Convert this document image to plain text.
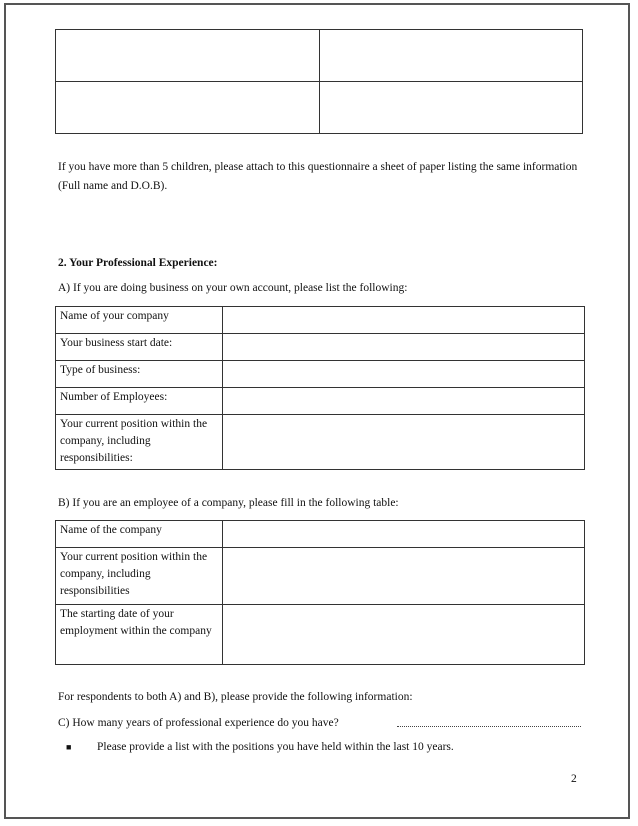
If you have more than 5 children, please attach to this questionnaire a sheet of paper listing the same information (Full name and D.O.B).

2. Your Professional Experience:

A) If you are doing business on your own account, please list the following:

Name of your company	
Your business start date:	
Type of business:	
Number of Employees:	
Your current position within the company, including responsibilities:	

B) If you are an employee of a company, please fill in the following table:

Name of the company	
Your current position within the company, including responsibilities	
The starting date of your employment within the company	

For respondents to both A) and B), please provide the following information:

C) How many years of professional experience do you have?

■ Please provide a list with the positions you have held within the last 10 years.

2
